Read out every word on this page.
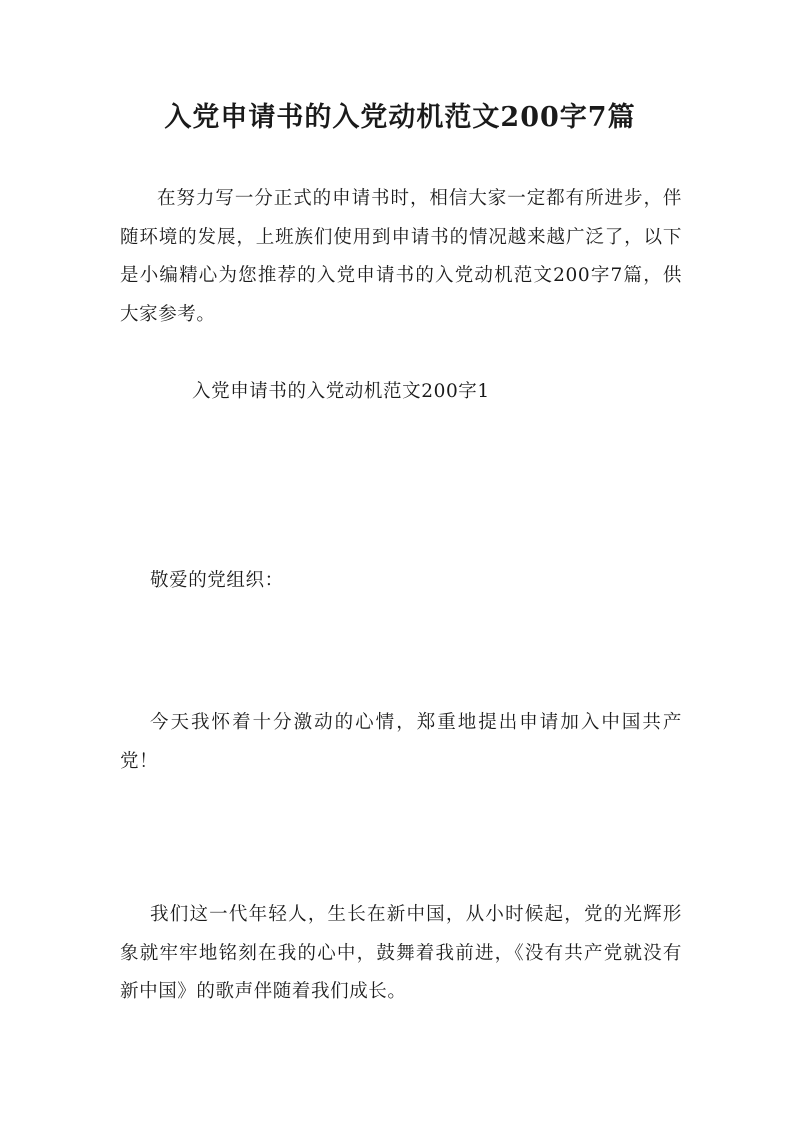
入党申请书的入党动机范文200字7篇

在努力写一分正式的申请书时，相信大家一定都有所进步，伴随环境的发展，上班族们使用到申请书的情况越来越广泛了，以下是小编精心为您推荐的入党申请书的入党动机范文200字7篇，供大家参考。

入党申请书的入党动机范文200字1

敬爱的党组织：

今天我怀着十分激动的心情，郑重地提出申请加入中国共产党！

我们这一代年轻人，生长在新中国，从小时候起，党的光辉形象就牢牢地铭刻在我的心中，鼓舞着我前进，《没有共产党就没有新中国》的歌声伴随着我们成长。
